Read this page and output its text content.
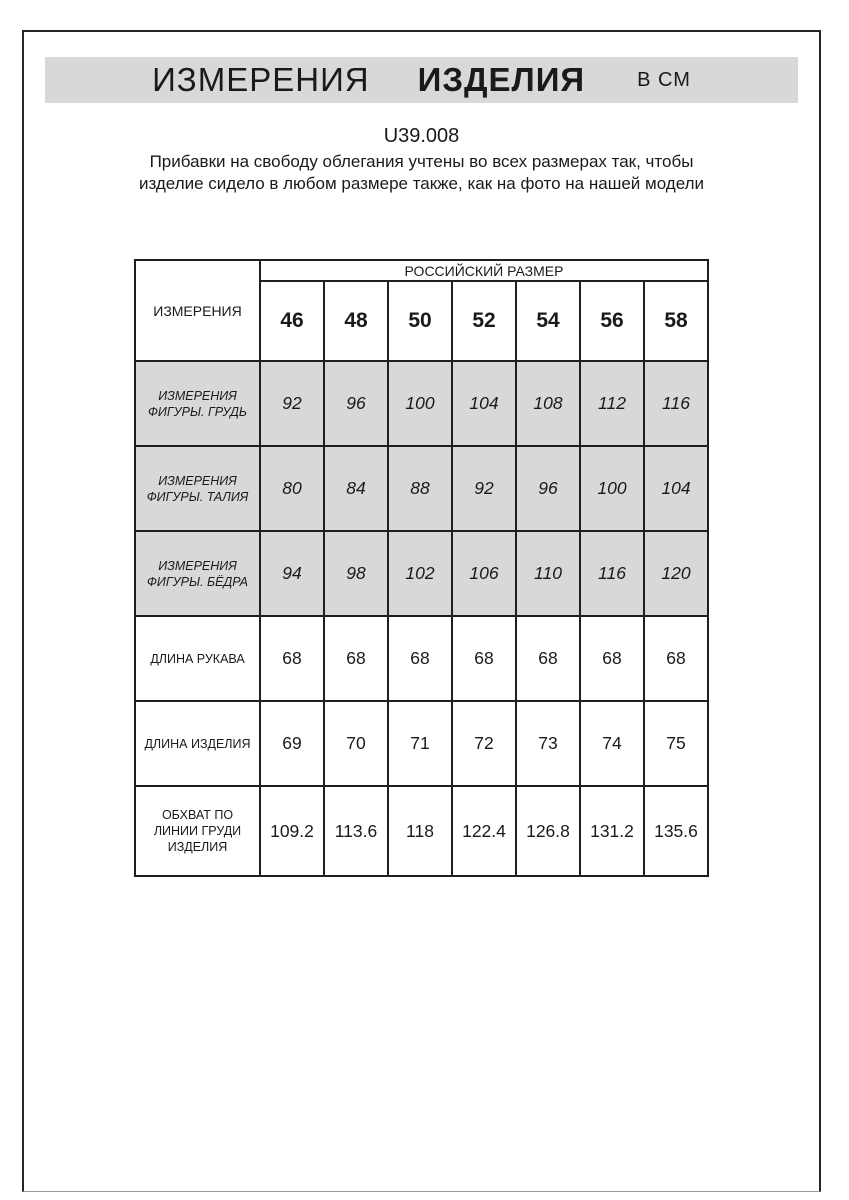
ИЗМЕРЕНИЯ ИЗДЕЛИЯ	В СМ
U39.008
Прибавки на свободу облегания учтены во всех размерах так, чтобы изделие сидело в любом размере также, как на фото на нашей модели
ИЗМЕРЕНИЯ	РОССИЙСКИЙ РАЗМЕР						
	46	48	50	52	54	56	58
ИЗМЕРЕНИЯ ФИГУРЫ. ГРУДЬ	92	96	100	104	108	112	116
ИЗМЕРЕНИЯ ФИГУРЫ. ТАЛИЯ	80	84	88	92	96	100	104
ИЗМЕРЕНИЯ ФИГУРЫ. БЁДРА	94	98	102	106	110	116	120
ДЛИНА РУКАВА	68	68	68	68	68	68	68
ДЛИНА ИЗДЕЛИЯ	69	70	71	72	73	74	75
ОБХВАТ ПО ЛИНИИ ГРУДИ ИЗДЕЛИЯ	109.2	113.6	118	122.4	126.8	131.2	135.6
